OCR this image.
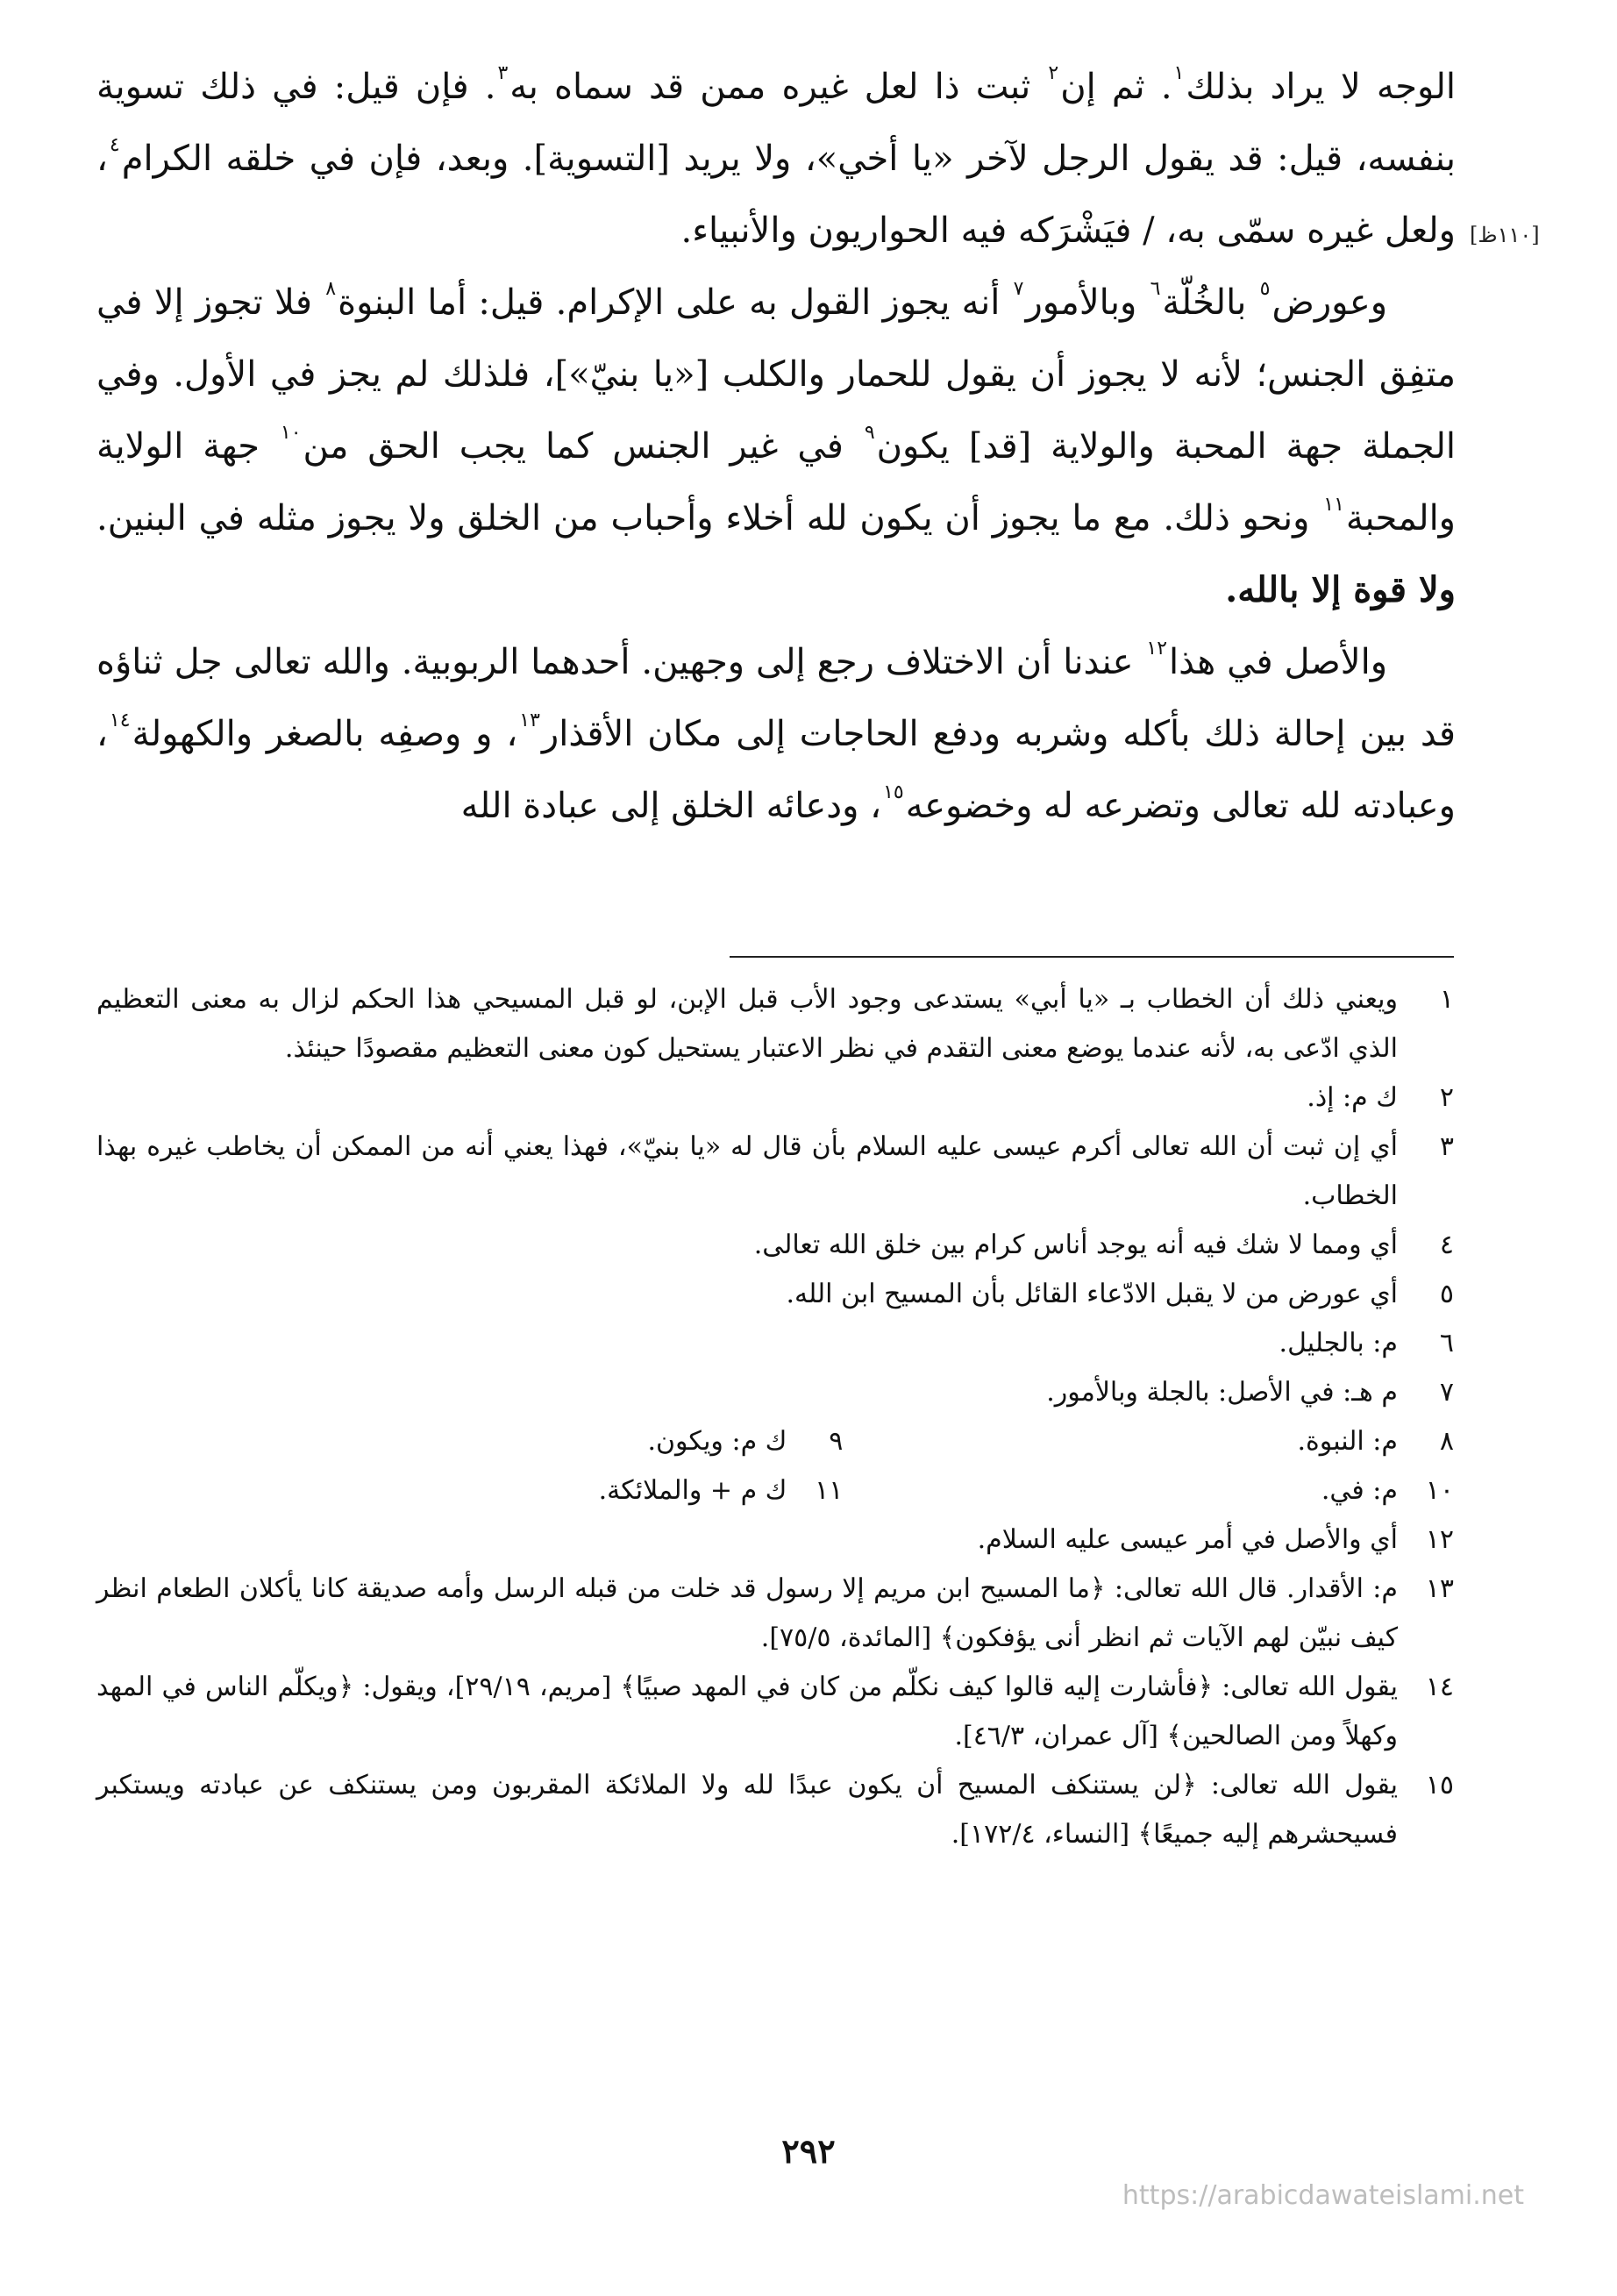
[١١٠ظ]

الوجه لا يراد بذلك$^١$. ثم إن$^٢$ ثبت ذا لعل غيره ممن قد سماه به$^٣$. فإن قيل: في ذلك تسوية بنفسه، قيل: قد يقول الرجل لآخر «يا أخي»، ولا يريد [التسوية]. وبعد، فإن في خلقه الكرام$^٤$، ولعل غيره سمّى به، / فيَشْرَكه فيه الحواريون والأنبياء.

وعورض$^٥$ بالخُلّة$^٦$ وبالأمور$^٧$ أنه يجوز القول به على الإكرام. قيل: أما البنوة$^٨$ فلا تجوز إلا في متفِق الجنس؛ لأنه لا يجوز أن يقول للحمار والكلب [«يا بنيّ»]، فلذلك لم يجز في الأول. وفي الجملة جهة المحبة والولاية [قد] يكون$^٩$ في غير الجنس كما يجب الحق من$^{١٠}$ جهة الولاية والمحبة$^{١١}$ ونحو ذلك. مع ما يجوز أن يكون لله أخلاء وأحباب من الخلق ولا يجوز مثله في البنين. ولا قوة إلا بالله.

والأصل في هذا$^{١٢}$ عندنا أن الاختلاف رجع إلى وجهين. أحدهما الربوبية. والله تعالى جل ثناؤه قد بين إحالة ذلك بأكله وشربه ودفع الحاجات إلى مكان الأقذار$^{١٣}$، و وصفِه بالصغر والكهولة$^{١٤}$، وعبادته لله تعالى وتضرعه له وخضوعه$^{١٥}$، ودعائه الخلق إلى عبادة الله

١
ويعني ذلك أن الخطاب بـ «يا أبي» يستدعى وجود الأب قبل الإبن، لو قبل المسيحي هذا الحكم لزال به معنى التعظيم الذي ادّعى به، لأنه عندما يوضع معنى التقدم في نظر الاعتبار يستحيل كون معنى التعظيم مقصودًا حينئذ.
٢
ك م: إذ.
٣
أي إن ثبت أن الله تعالى أكرم عيسى عليه السلام بأن قال له «يا بنيّ»، فهذا يعني أنه من الممكن أن يخاطب غيره بهذا الخطاب.
٤
أي ومما لا شك فيه أنه يوجد أناس كرام بين خلق الله تعالى.
٥
أي عورض من لا يقبل الادّعاء القائل بأن المسيح ابن الله.
٦
م: بالجليل.
٧
م هـ: في الأصل: بالجلة وبالأمور.
٨
م: النبوة.
٩
ك م: ويكون.
١٠
م: في.
١١
ك م + والملائكة.
١٢
أي والأصل في أمر عيسى عليه السلام.
١٣
م: الأقدار. قال الله تعالى: ﴿ما المسيح ابن مريم إلا رسول قد خلت من قبله الرسل وأمه صديقة كانا يأكلان الطعام انظر كيف نبيّن لهم الآيات ثم انظر أنى يؤفكون﴾ [المائدة، ٧٥/٥].
١٤
يقول الله تعالى: ﴿فأشارت إليه قالوا كيف نكلّم من كان في المهد صبيًا﴾ [مريم، ٢٩/١٩]، ويقول: ﴿ويكلّم الناس في المهد وكهلاً ومن الصالحين﴾ [آل عمران، ٤٦/٣].
١٥
يقول الله تعالى: ﴿لن يستنكف المسيح أن يكون عبدًا لله ولا الملائكة المقربون ومن يستنكف عن عبادته ويستكبر فسيحشرهم إليه جميعًا﴾ [النساء، ١٧٢/٤].
٢٩٢
https://arabicdawateislami.net
